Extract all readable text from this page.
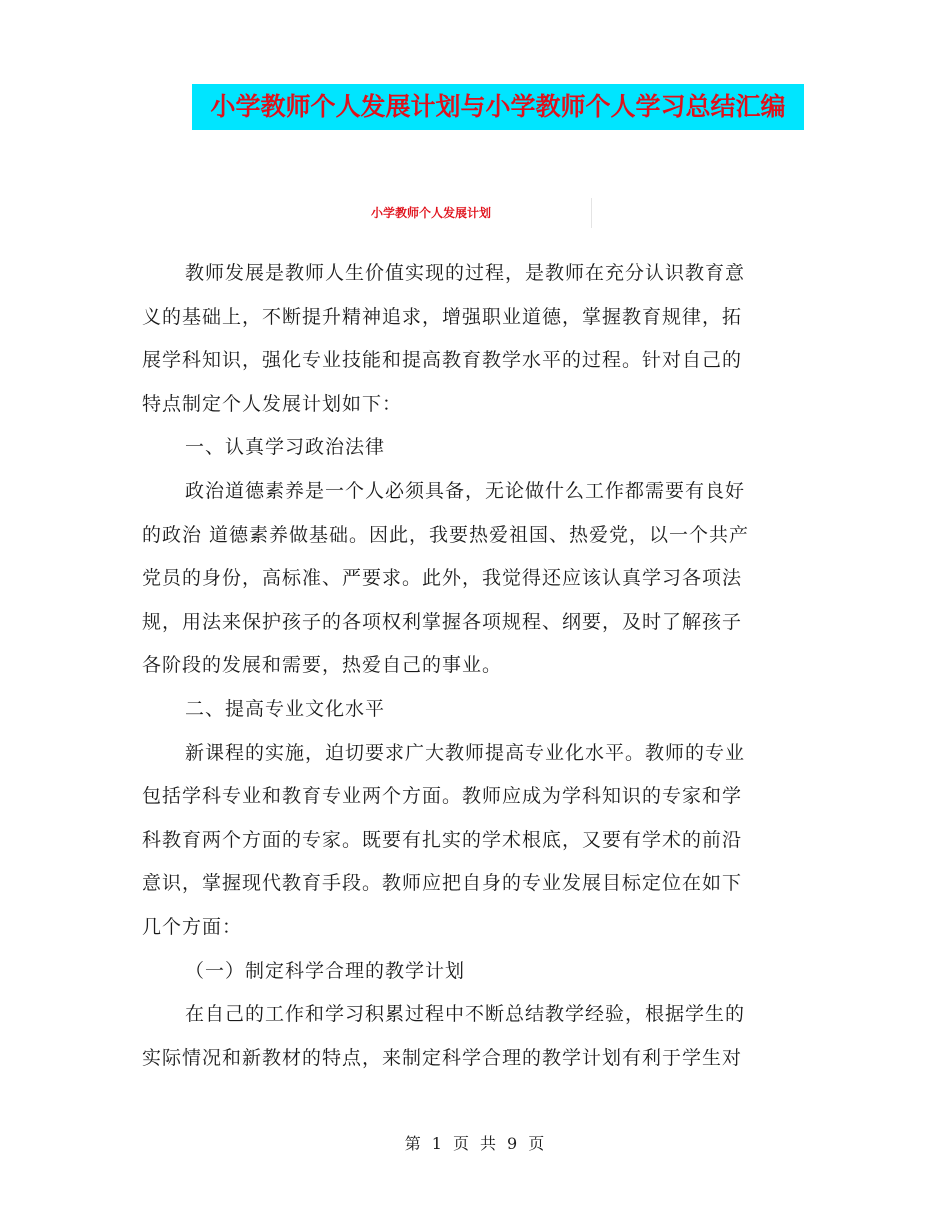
小学教师个人发展计划与小学教师个人学习总结汇编
小学教师个人发展计划
教师发展是教师人生价值实现的过程，是教师在充分认识教育意
义的基础上，不断提升精神追求，增强职业道德，掌握教育规律，拓
展学科知识，强化专业技能和提高教育教学水平的过程。针对自己的
特点制定个人发展计划如下：
一、认真学习政治法律
政治道德素养是一个人必须具备，无论做什么工作都需要有良好
的政治 道德素养做基础。因此，我要热爱祖国、热爱党，以一个共产
党员的身份，高标准、严要求。此外，我觉得还应该认真学习各项法
规，用法来保护孩子的各项权利掌握各项规程、纲要，及时了解孩子
各阶段的发展和需要，热爱自己的事业。
二、提高专业文化水平
新课程的实施，迫切要求广大教师提高专业化水平。教师的专业
包括学科专业和教育专业两个方面。教师应成为学科知识的专家和学
科教育两个方面的专家。既要有扎实的学术根底，又要有学术的前沿
意识，掌握现代教育手段。教师应把自身的专业发展目标定位在如下
几个方面：
（一）制定科学合理的教学计划
在自己的工作和学习积累过程中不断总结教学经验，根据学生的
实际情况和新教材的特点，来制定科学合理的教学计划有利于学生对
第 1 页 共 9 页
